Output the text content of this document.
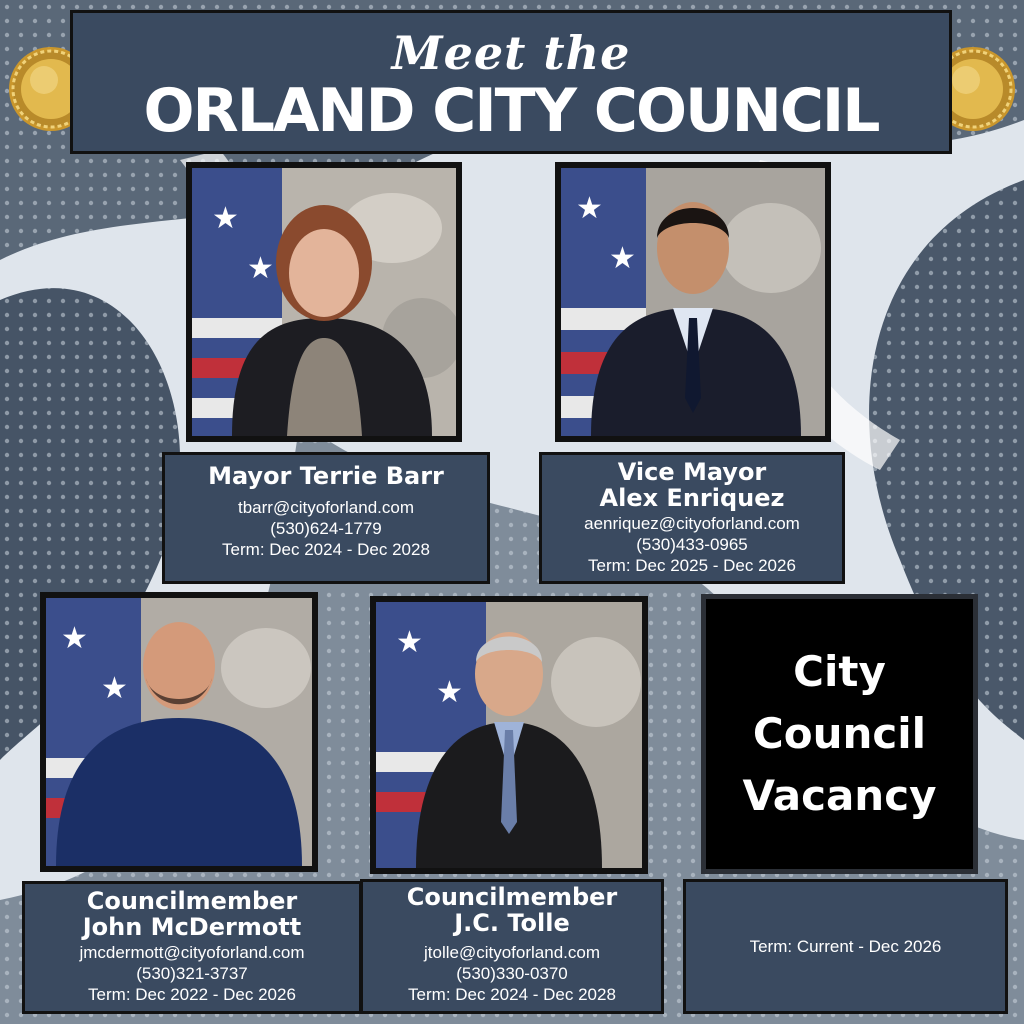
Meet the
ORLAND CITY COUNCIL
★
★
★
★
★
★
★
★	City Council Vacancy
Mayor Terrie Barr
tbarr@cityoforland.com
(530)624-1779
Term: Dec 2024 - Dec 2028
Vice Mayor
Alex Enriquez
aenriquez@cityoforland.com
(530)433-0965
Term: Dec 2025 - Dec 2026
Councilmember
John McDermott
jmcdermott@cityoforland.com
(530)321-3737
Term: Dec 2022 - Dec 2026
Councilmember
J.C. Tolle
jtolle@cityoforland.com
(530)330-0370
Term: Dec 2024 - Dec 2028
Term: Current - Dec 2026
